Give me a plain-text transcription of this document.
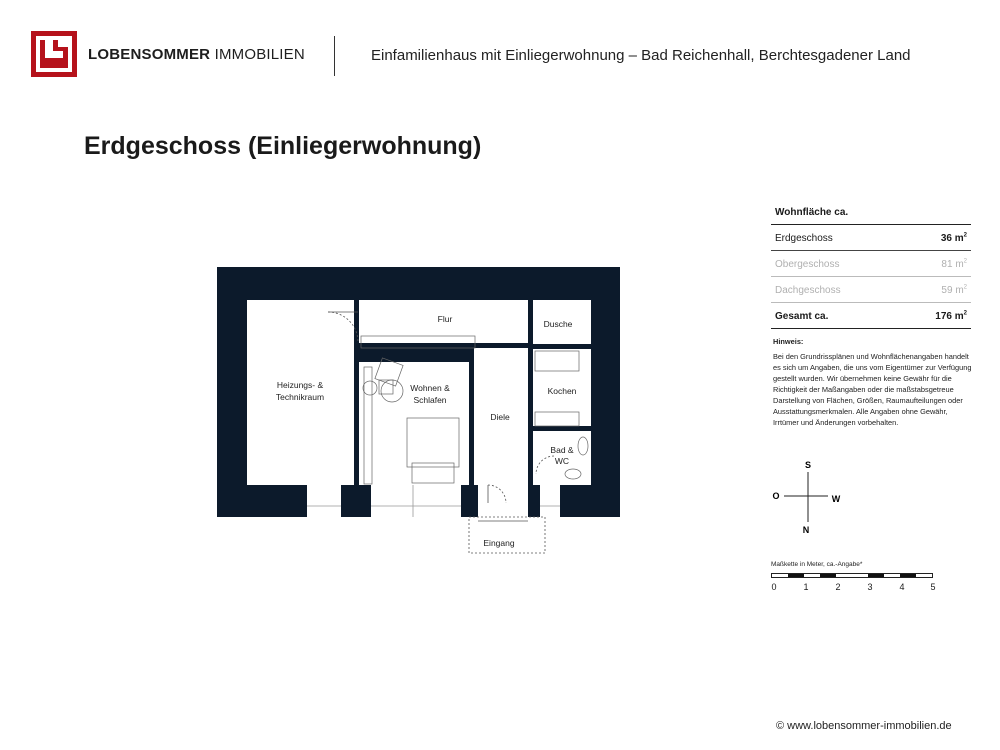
LOBENSOMMER IMMOBILIEN	Einfamilienhaus mit Einliegerwohnung – Bad Reichenhall, Berchtesgadener Land
Erdgeschoss (Einliegerwohnung)
Heizungs- &
Technikraum
Flur	Dusche
Wohnen &
Schlafen
Kochen
Diele
Bad &
WC
Eingang
Wohnfläche ca.
Erdgeschoss	36 $m^2$
Obergeschoss	81 $m^2$
Dachgeschoss	59 $m^2$
Gesamt ca.	176 $m^2$
Hinweis:
Bei den Grundrissplänen und Wohnflächenangaben handelt es sich um Angaben, die uns vom Eigentümer zur Verfügung gestellt wurden. Wir übernehmen keine Gewähr für die Richtigkeit der Maßangaben oder die maßstabsgetreue Darstellung von Flächen, Größen, Raumaufteilungen oder Ausstattungsmerkmalen. Alle Angaben ohne Gewähr, Irrtümer und Änderungen vorbehalten.
S
O	W
N
Maßkette in Meter, ca.-Angabe*
0	1	2	3	4	5
© www.lobensommer-immobilien.de
